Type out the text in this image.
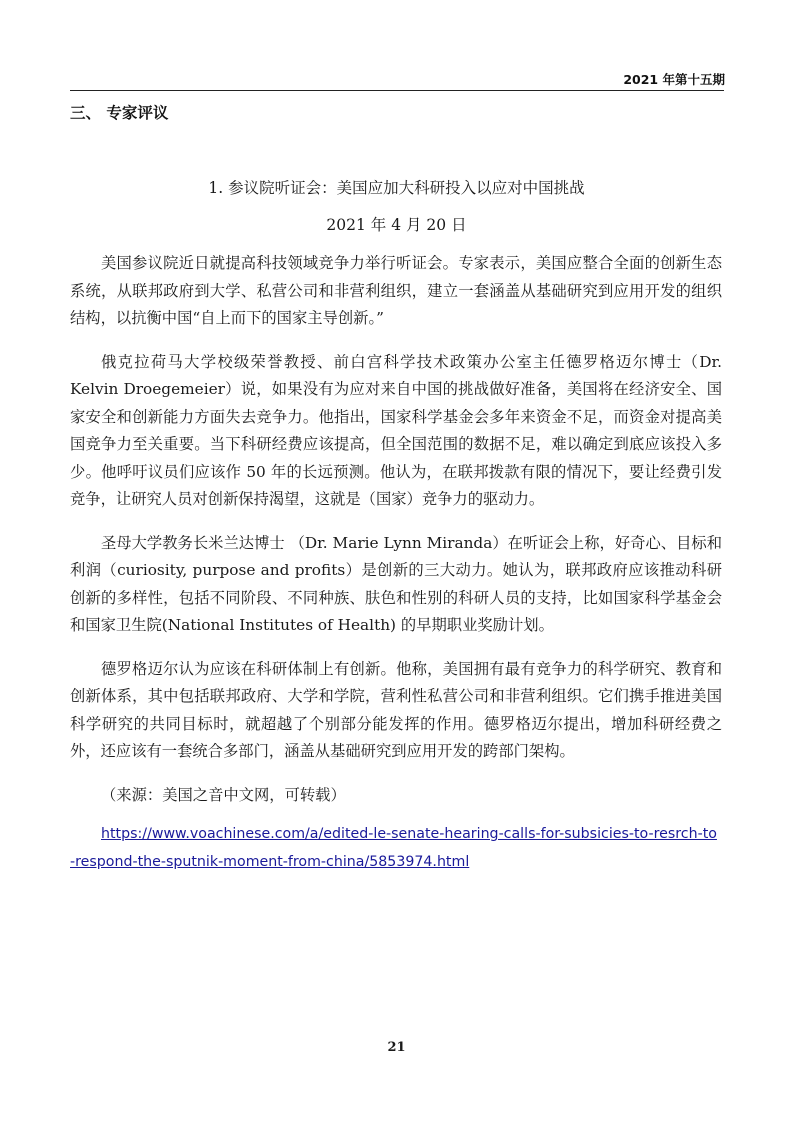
2021 年第十五期
三、 专家评议
1. 参议院听证会：美国应加大科研投入以应对中国挑战
2021 年 4 月 20 日

美国参议院近日就提高科技领域竞争力举行听证会。专家表示，美国应整合全面的创新生态系统，从联邦政府到大学、私营公司和非营利组织，建立一套涵盖从基础研究到应用开发的组织结构，以抗衡中国“自上而下的国家主导创新。”

俄克拉荷马大学校级荣誉教授、前白宫科学技术政策办公室主任德罗格迈尔博士（Dr. Kelvin Droegemeier）说，如果没有为应对来自中国的挑战做好准备，美国将在经济安全、国家安全和创新能力方面失去竞争力。他指出，国家科学基金会多年来资金不足，而资金对提高美国竞争力至关重要。当下科研经费应该提高，但全国范围的数据不足，难以确定到底应该投入多少。他呼吁议员们应该作 50 年的长远预测。他认为，在联邦拨款有限的情况下，要让经费引发竞争，让研究人员对创新保持渴望，这就是（国家）竞争力的驱动力。

圣母大学教务长米兰达博士 （Dr. Marie Lynn Miranda）在听证会上称，好奇心、目标和利润（curiosity, purpose and profits）是创新的三大动力。她认为，联邦政府应该推动科研创新的多样性，包括不同阶段、不同种族、肤色和性别的科研人员的支持，比如国家科学基金会和国家卫生院(National Institutes of Health) 的早期职业奖励计划。

德罗格迈尔认为应该在科研体制上有创新。他称，美国拥有最有竞争力的科学研究、教育和创新体系，其中包括联邦政府、大学和学院，营利性私营公司和非营利组织。它们携手推进美国科学研究的共同目标时，就超越了个别部分能发挥的作用。德罗格迈尔提出，增加科研经费之外，还应该有一套统合多部门，涵盖从基础研究到应用开发的跨部门架构。

（来源：美国之音中文网，可转载）

https://www.voachinese.com/a/edited-le-senate-hearing-calls-for-subsicies-to-resrch-to-respond-the-sputnik-moment-from-china/5853974.html
21
